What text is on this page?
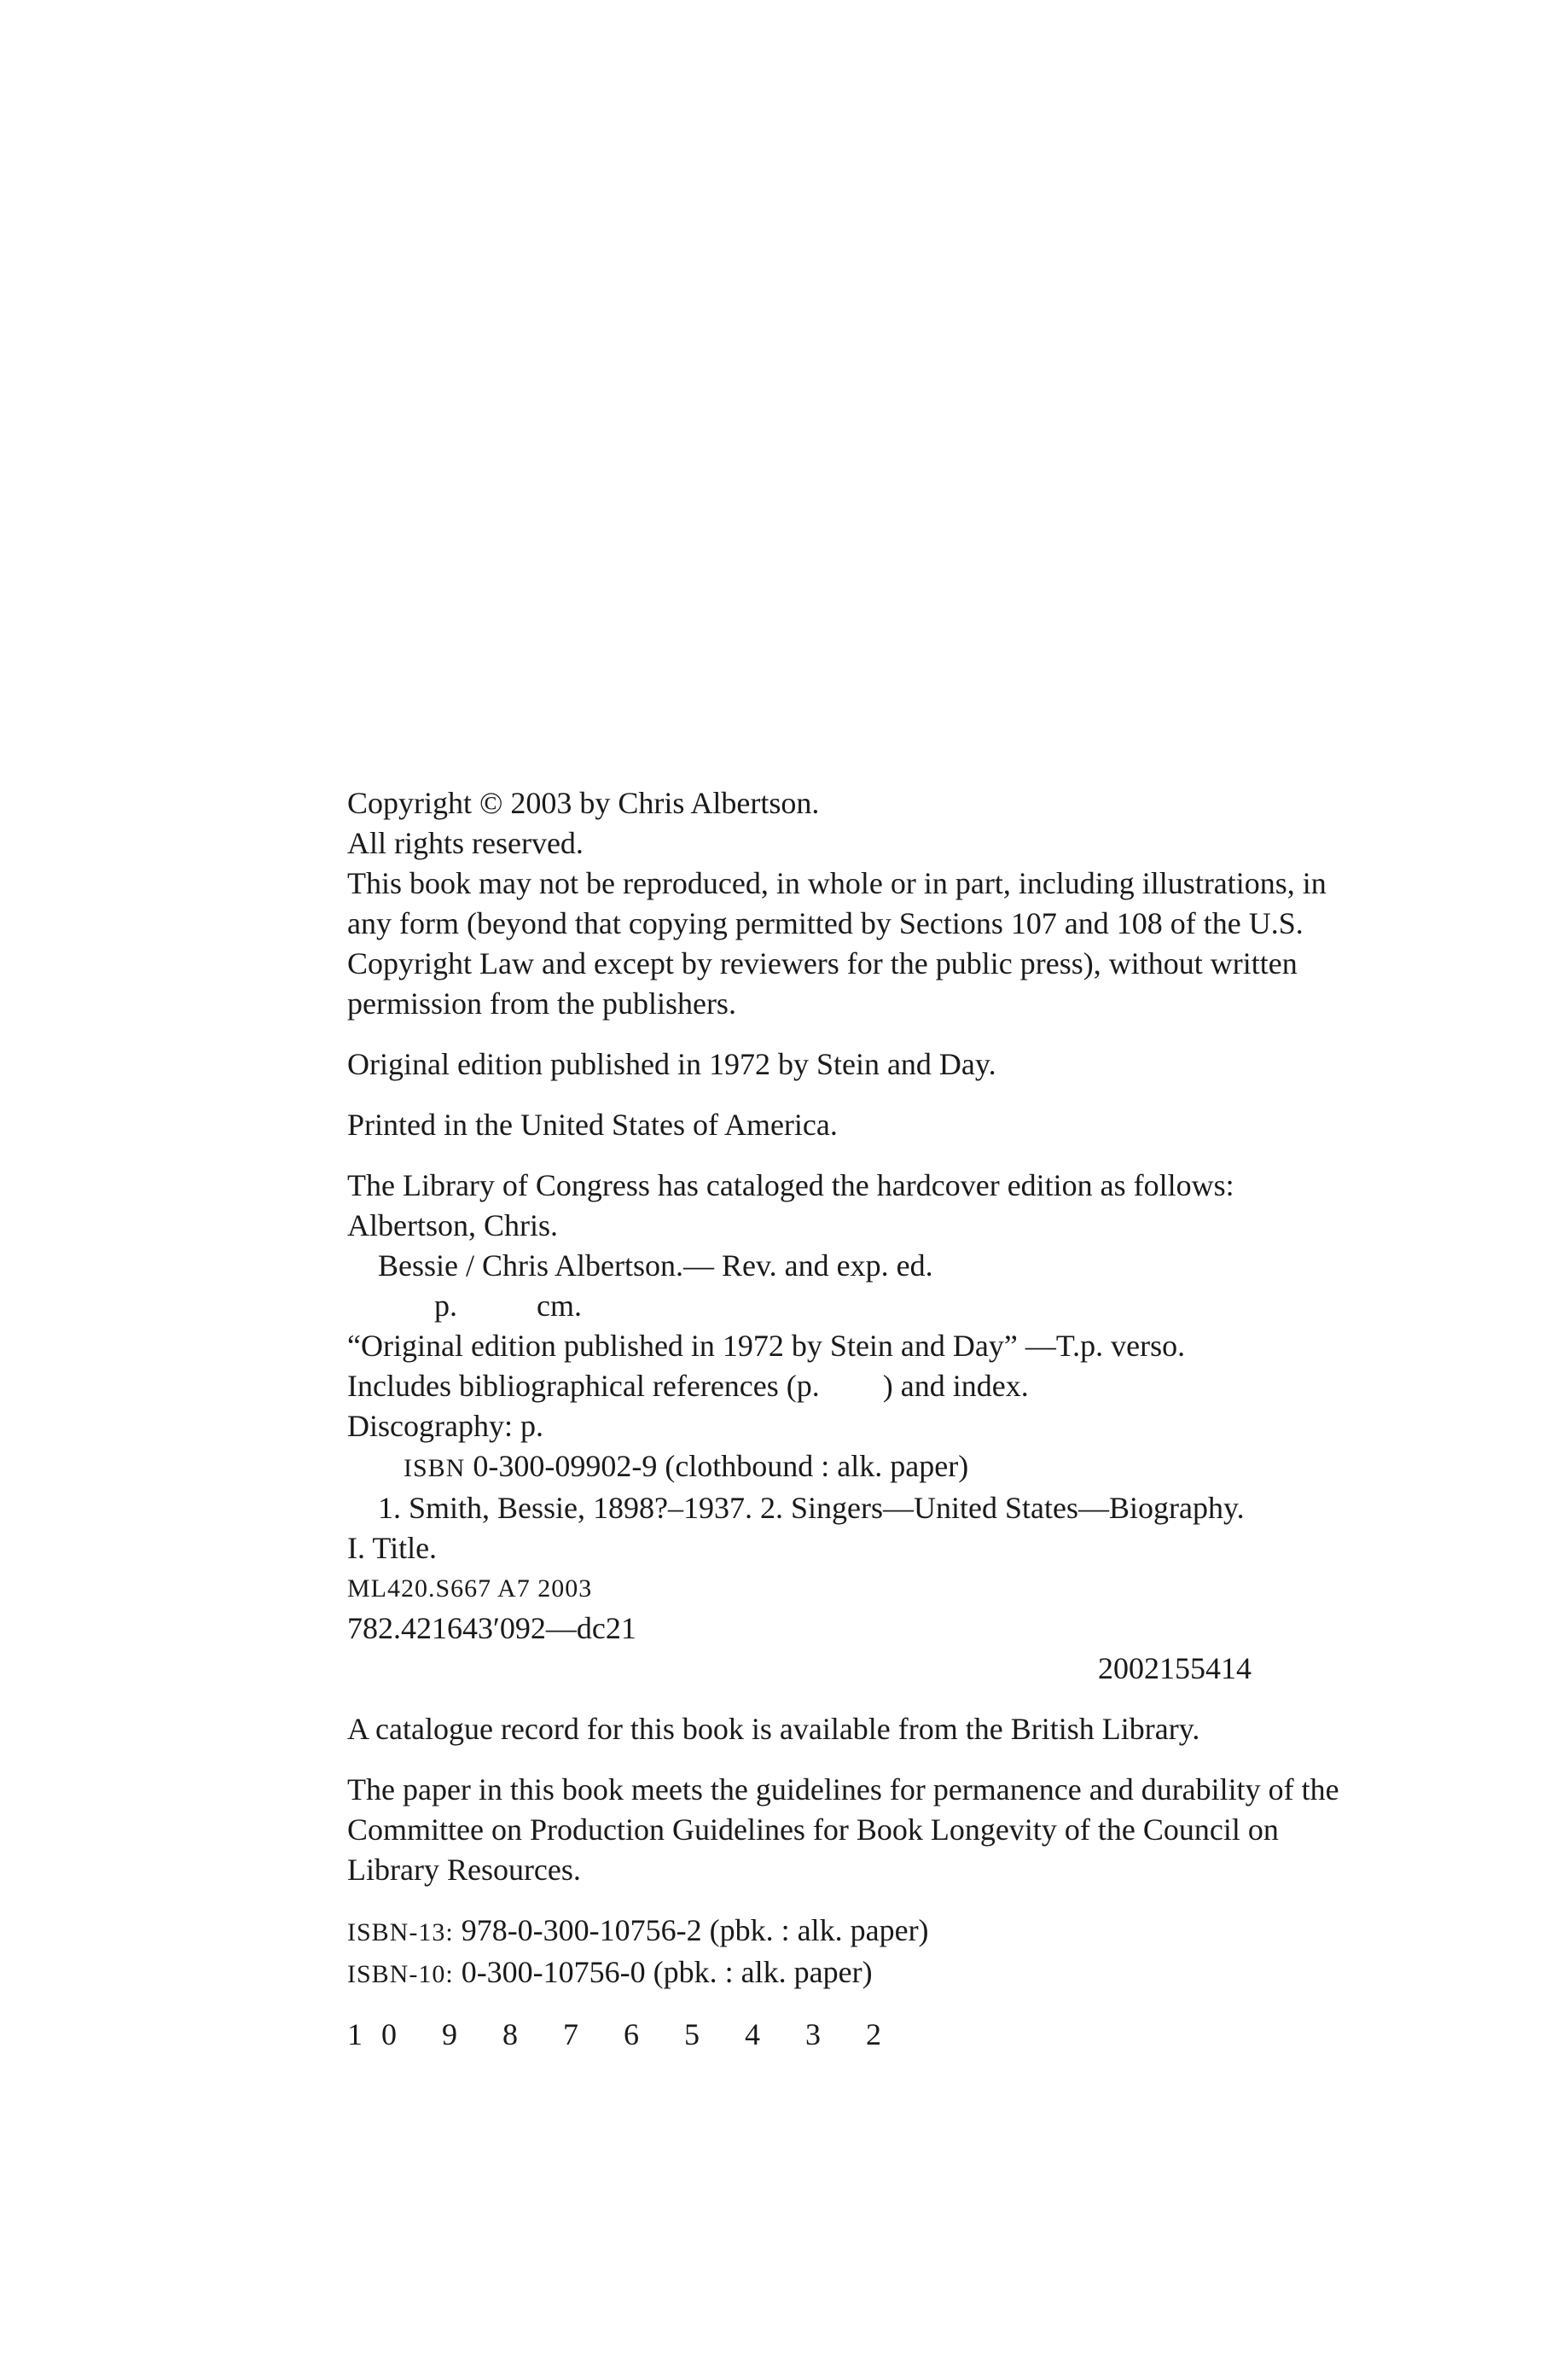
Copyright © 2003 by Chris Albertson.
All rights reserved.
This book may not be reproduced, in whole or in part, including illustrations, in
any form (beyond that copying permitted by Sections 107 and 108 of the U.S.
Copyright Law and except by reviewers for the public press), without written
permission from the publishers.
Original edition published in 1972 by Stein and Day.
Printed in the United States of America.
The Library of Congress has cataloged the hardcover edition as follows:
Albertson, Chris.
Bessie / Chris Albertson.— Rev. and exp. ed.
p.	cm.
“Original edition published in 1972 by Stein and Day” —T.p. verso.
Includes bibliographical references (p. ) and index.
Discography: p.
ISBN 0-300-09902-9 (clothbound : alk. paper)
1. Smith, Bessie, 1898?–1937. 2. Singers—United States—Biography.
I. Title.
ML420.S667 A7 2003
782.421643′092—dc21
2002155414
A catalogue record for this book is available from the British Library.
The paper in this book meets the guidelines for permanence and durability of the
Committee on Production Guidelines for Book Longevity of the Council on
Library Resources.
ISBN-13: 978-0-300-10756-2 (pbk. : alk. paper)
ISBN-10: 0-300-10756-0 (pbk. : alk. paper)
10 9 8 7 6 5 4 3 2
